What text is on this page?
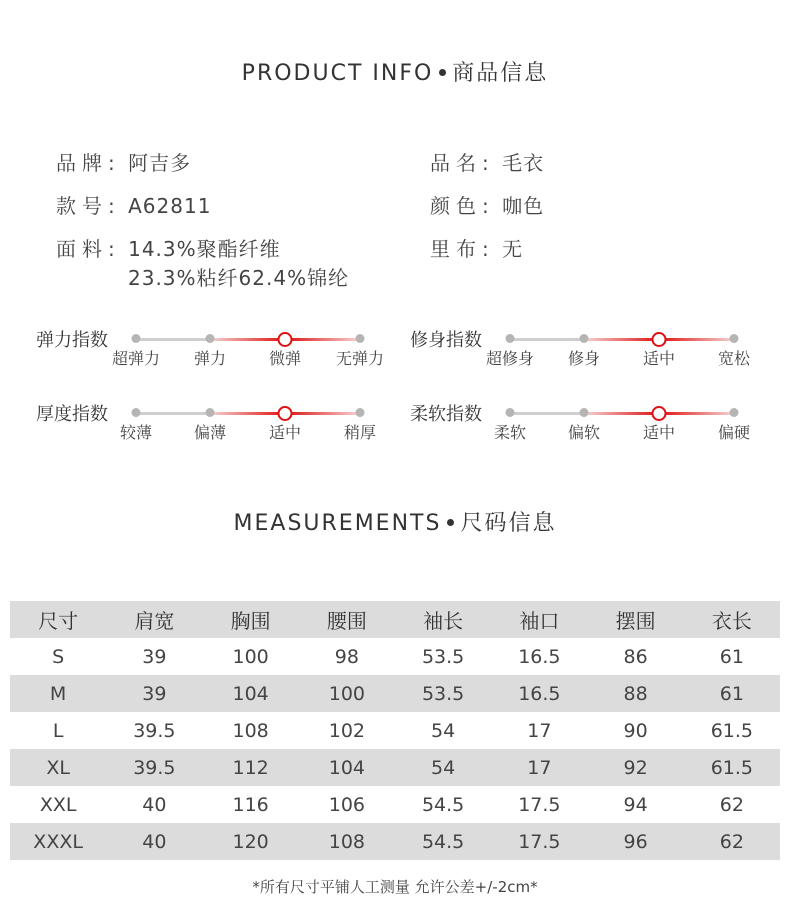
PRODUCT INFO 商品信息
品牌: 阿吉多
款号: A62811
面料: 14.3%聚酯纤维
23.3%粘纤62.4%锦纶
品名: 毛衣
颜色: 咖色
里布: 无
弹力指数
超弹力 弹力	微弹 无弹力
修身指数
超修身 修身	适中	宽松
厚度指数
较薄	偏薄	适中	稍厚
柔软指数
柔软	偏软	适中	偏硬
MEASUREMENTS 尺码信息
尺寸	肩宽	胸围	腰围	袖长	袖口	摆围	衣长
S	39	100	98	53.5	16.5	86	61
M	39	104	100	53.5	16.5	88	61
L	39.5	108	102	54	17	90	61.5
XL	39.5	112	104	54	17	92	61.5
XXL	40	116	106	54.5	17.5	94	62
XXXL	40	120	108	54.5	17.5	96	62
*所有尺寸平铺人工测量 允许公差+/-2cm*
